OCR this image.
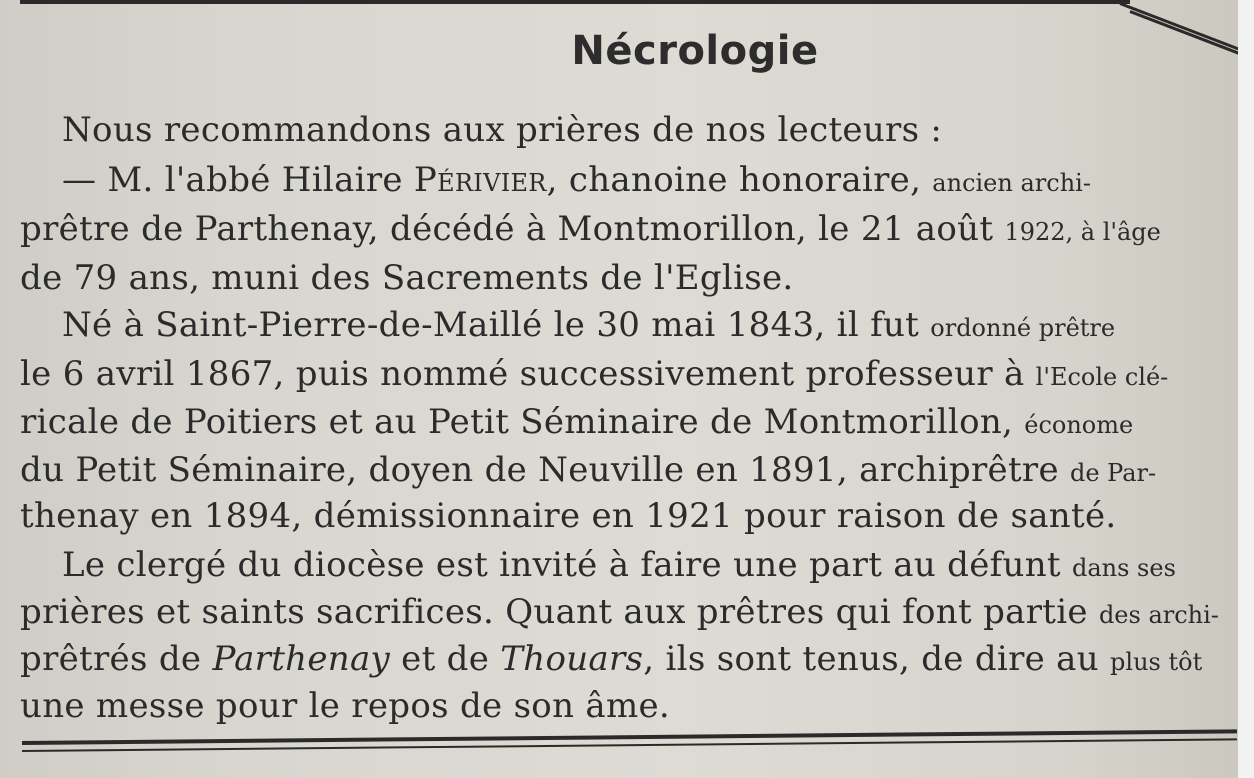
Nécrologie
Nous recommandons aux prières de nos lecteurs :
— M. l'abbé Hilaire Périvier, chanoine honoraire, ancien archi-
prêtre de Parthenay, décédé à Montmorillon, le 21 août 1922, à l'âge
de 79 ans, muni des Sacrements de l'Eglise.
Né à Saint-Pierre-de-Maillé le 30 mai 1843, il fut ordonné prêtre
le 6 avril 1867, puis nommé successivement professeur à l'Ecole clé-
ricale de Poitiers et au Petit Séminaire de Montmorillon, économe
du Petit Séminaire, doyen de Neuville en 1891, archiprêtre de Par-
thenay en 1894, démissionnaire en 1921 pour raison de santé.
Le clergé du diocèse est invité à faire une part au défunt dans ses
prières et saints sacrifices. Quant aux prêtres qui font partie des archi-
prêtrés de Parthenay et de Thouars, ils sont tenus, de dire au plus tôt
une messe pour le repos de son âme.
